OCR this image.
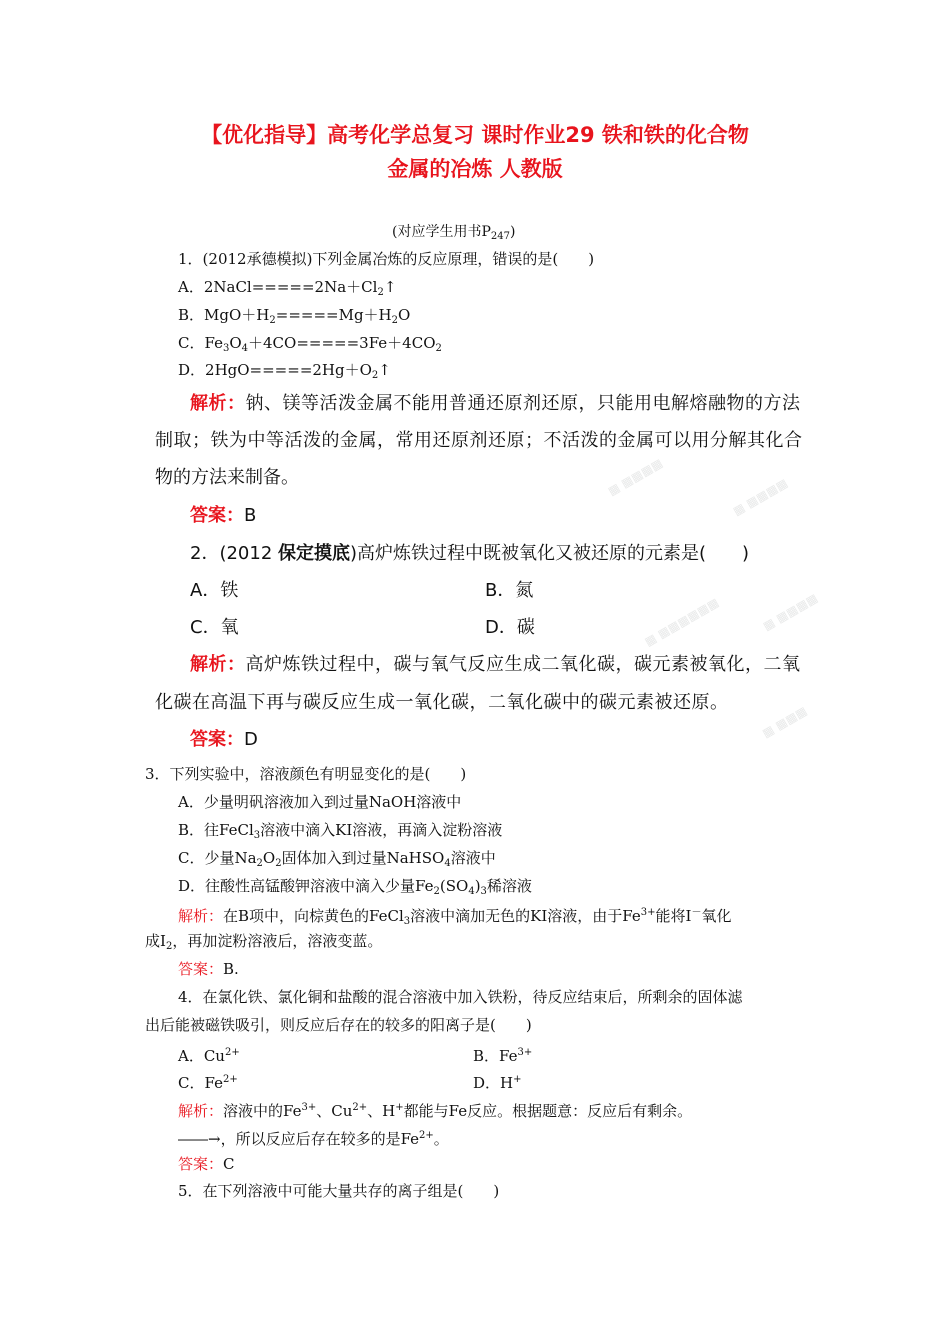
【优化指导】高考化学总复习 课时作业29 铁和铁的化合物
金属的冶炼 人教版
(对应学生用书$P_{247}$)
1．(2012承德模拟)下列金属冶炼的反应原理，错误的是(　　)
A．$2NaCl=====2Na+Cl_2↑$
B．$MgO+H_2=====Mg+H_2O$
C．$Fe_3O_4+4CO=====3Fe+4CO_2$
D．$2HgO=====2Hg+O_2↑$
解析：钠、镁等活泼金属不能用普通还原剂还原，只能用电解熔融物的方法
制取；铁为中等活泼的金属，常用还原剂还原；不活泼的金属可以用分解其化合
物的方法来制备。
答案：B
2．(2012 保定摸底)高炉炼铁过程中既被氧化又被还原的元素是(　　)
A．铁	B．氮
C．氧	D．碳
解析：高炉炼铁过程中，碳与氧气反应生成二氧化碳，碳元素被氧化，二氧
化碳在高温下再与碳反应生成一氧化碳，二氧化碳中的碳元素被还原。
答案：D
3．下列实验中，溶液颜色有明显变化的是(　　)
A．少量明矾溶液加入到过量NaOH溶液中
B．往FeCl$_3$溶液中滴入KI溶液，再滴入淀粉溶液
C．少量$Na_2O_2$固体加入到过量NaHSO$_4$溶液中
D．往酸性高锰酸钾溶液中滴入少量$Fe_2(SO_4)_3$稀溶液
解析：在B项中，向棕黄色的FeCl$_3$溶液中滴加无色的KI溶液，由于$Fe^{3+}$能将I－氧化
成$I_2$，再加淀粉溶液后，溶液变蓝。
答案：B.
4．在氯化铁、氯化铜和盐酸的混合溶液中加入铁粉，待反应结束后，所剩余的固体滤
出后能被磁铁吸引，则反应后存在的较多的阳离子是(　　)
A．$Cu^{2+}$	B．$Fe^{3+}$
C．$Fe^{2+}$	D．H+
解析：溶液中的$Fe^{3+}$、$Cu^{2+}$、H+都能与Fe反应。根据题意：反应后有剩余。
――→，所以反应后存在较多的是$Fe^{2+}$。
答案：C
5．在下列溶液中可能大量共存的离子组是(　　)
▦ ▦▦▦▦	▦ ▦▦▦▦
▦ ▦▦▦▦▦▦	▦ ▦▦▦▦
▦ ▦▦▦
